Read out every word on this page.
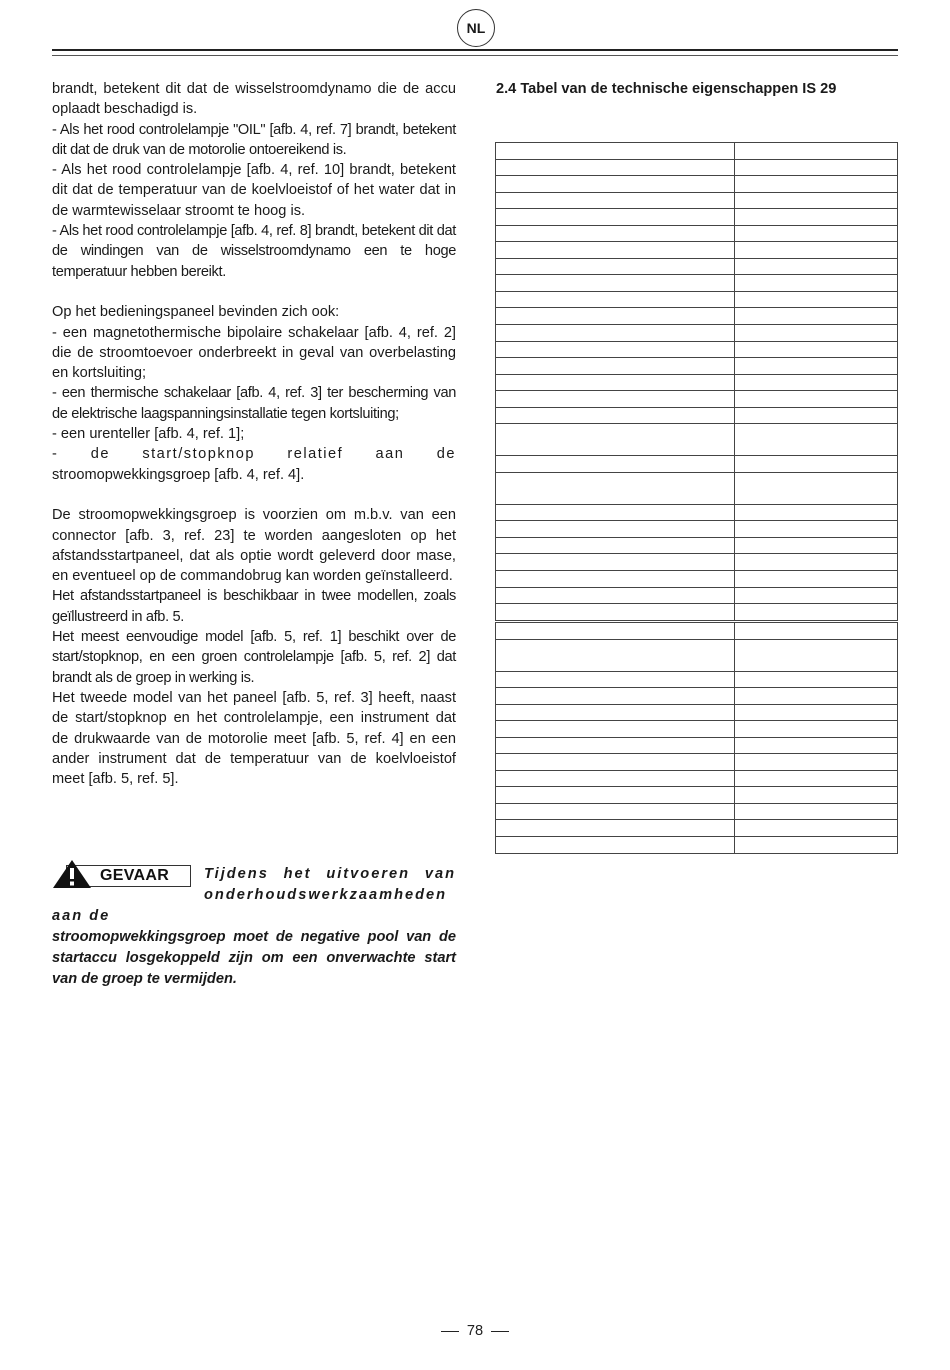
NL

brandt, betekent dit dat de wisselstroomdynamo die de accu oplaadt beschadigd is.

- Als het rood controlelampje "OIL" [afb. 4, ref. 7] brandt, betekent dit dat de druk van de motorolie ontoereikend is.

- Als het rood controlelampje [afb. 4, ref. 10] brandt, betekent dit dat de temperatuur van de koelvloeistof of het water dat in de warmtewisselaar stroomt te hoog is.

- Als het rood controlelampje [afb. 4, ref. 8] brandt, betekent dit dat de windingen van de wisselstroomdynamo een te hoge temperatuur hebben bereikt.

Op het bedieningspaneel bevinden zich ook:

- een magnetothermische bipolaire schakelaar [afb. 4, ref. 2] die de stroomtoevoer onderbreekt in geval van overbelasting en kortsluiting;

- een thermische schakelaar [afb. 4, ref. 3] ter bescherming van de elektrische laagspanningsinstallatie tegen kortsluiting;

- een urenteller [afb. 4, ref. 1];

- de start/stopknop relatief aan de

stroomopwekkingsgroep [afb. 4, ref. 4].

De stroomopwekkingsgroep is voorzien om m.b.v. van een connector [afb. 3, ref. 23] te worden aangesloten op het afstandsstartpaneel, dat als optie wordt geleverd door mase, en eventueel op de commandobrug kan worden geïnstalleerd.

Het afstandsstartpaneel is beschikbaar in twee modellen, zoals geïllustreerd in afb. 5.

Het meest eenvoudige model [afb. 5, ref. 1] beschikt over de start/stopknop, en een groen controlelampje [afb. 5, ref. 2] dat brandt als de groep in werking is.

Het tweede model van het paneel [afb. 5, ref. 3] heeft, naast de start/stopknop en het controlelampje, een instrument dat de drukwaarde van de motorolie meet [afb. 5, ref. 4] en een ander instrument dat de temperatuur van de koelvloeistof meet [afb. 5, ref. 5].

GEVAAR	Tijdens het uitvoeren van onderhoudswerkzaamheden aan de

stroomopwekkingsgroep moet de negative pool van de startaccu losgekoppeld zijn om een onverwachte start van de groep te vermijden.

2.4 Tabel van de technische eigenschappen IS 29

78
